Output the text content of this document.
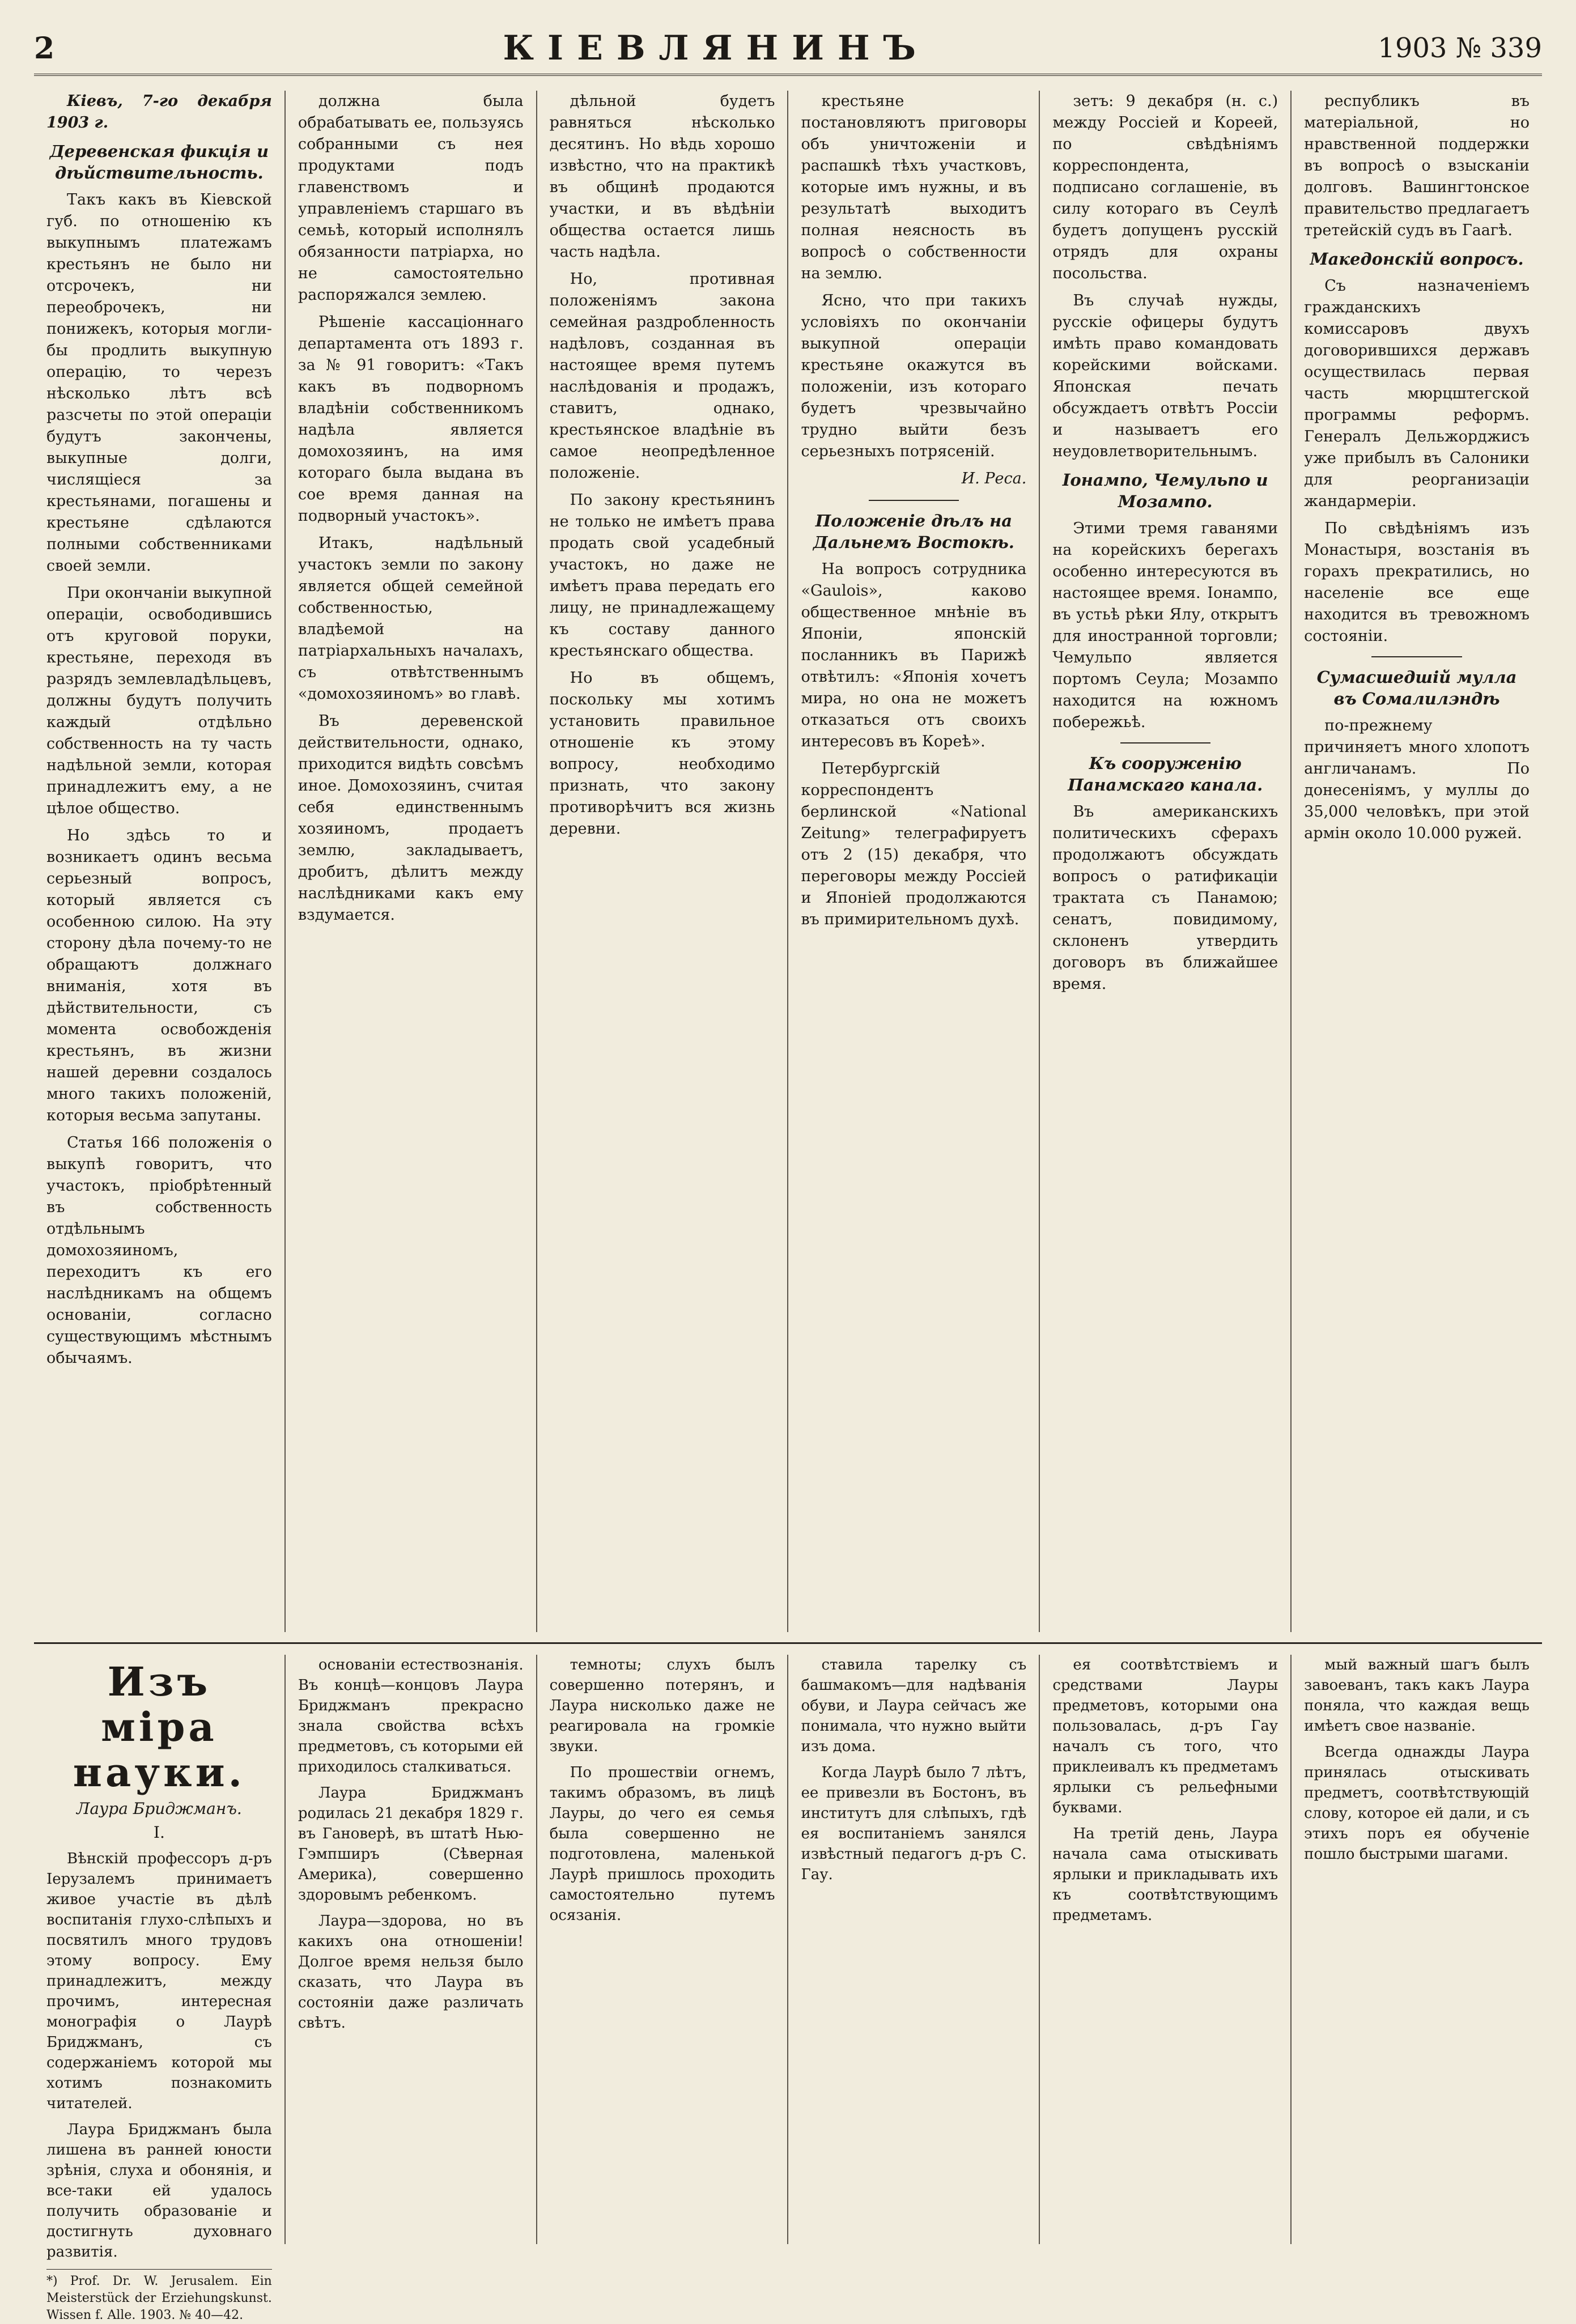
2	КІЕВЛЯНИНЪ	1903 № 339

Кіевъ, 7-го декабря 1903 г.

Деревенская фикція и дѣйствительность.

Такъ какъ въ Кіевской губ. по отношенію къ выкупнымъ платежамъ крестьянъ не было ни отсрочекъ, ни переоброчекъ, ни понижекъ, которыя могли-бы продлить выкупную операцію, то черезъ нѣсколько лѣтъ всѣ разсчеты по этой операціи будутъ закончены, выкупные долги, числящіеся за крестьянами, погашены и крестьяне сдѣлаются полными собственниками своей земли.

При окончаніи выкупной операціи, освободившись отъ круговой поруки, крестьяне, переходя въ разрядъ землевладѣльцевъ, должны будутъ получить каждый отдѣльно собственность на ту часть надѣльной земли, которая принадлежитъ ему, а не цѣлое общество.

Но здѣсь то и возникаетъ одинъ весьма серьезный вопросъ, который является съ особенною силою. На эту сторону дѣла почему-то не обращаютъ должнаго вниманія, хотя въ дѣйствительности, съ момента освобожденія крестьянъ, въ жизни нашей деревни создалось много такихъ положеній, которыя весьма запутаны.

Статья 166 положенія о выкупѣ говоритъ, что участокъ, пріобрѣтенный въ собственность отдѣльнымъ домохозяиномъ, переходитъ къ его наслѣдникамъ на общемъ основаніи, согласно существующимъ мѣстнымъ обычаямъ.

должна была обрабатывать ее, пользуясь собранными съ нея продуктами подъ главенствомъ и управленіемъ старшаго въ семьѣ, который исполнялъ обязанности патріарха, но не самостоятельно распоряжался землею.

Рѣшеніе кассаціоннаго департамента отъ 1893 г. за № 91 говоритъ: «Такъ какъ въ подворномъ владѣніи собственникомъ надѣла является домохозяинъ, на имя котораго была выдана въ сое время данная на подворный участокъ».

Итакъ, надѣльный участокъ земли по закону является общей семейной собственностью, владѣемой на патріархальныхъ началахъ, съ отвѣтственнымъ «домохозяиномъ» во главѣ.

Въ деревенской действительности, однако, приходится видѣть совсѣмъ иное. Домохозяинъ, считая себя единственнымъ хозяиномъ, продаетъ землю, закладываетъ, дробитъ, дѣлитъ между наслѣдниками какъ ему вздумается.

дѣльной будетъ равняться нѣсколько десятинъ. Но вѣдь хорошо извѣстно, что на практикѣ въ общинѣ продаются участки, и въ вѣдѣніи общества остается лишь часть надѣла.

Но, противная положеніямъ закона семейная раздробленность надѣловъ, созданная въ настоящее время путемъ наслѣдованія и продажъ, ставитъ, однако, крестьянское владѣніе въ самое неопредѣленное положеніе.

По закону крестьянинъ не только не имѣетъ права продать свой усадебный участокъ, но даже не имѣетъ права передать его лицу, не принадлежащему къ составу данного крестьянскаго общества.

Но въ общемъ, поскольку мы хотимъ установить правильное отношеніе къ этому вопросу, необходимо признать, что закону противорѣчитъ вся жизнь деревни.

крестьяне постановляютъ приговоры объ уничтоженіи и распашкѣ тѣхъ участковъ, которые имъ нужны, и въ результатѣ выходитъ полная неясность въ вопросѣ о собственности на землю.

Ясно, что при такихъ условіяхъ по окончаніи выкупной операціи крестьяне окажутся въ положеніи, изъ котораго будетъ чрезвычайно трудно выйти безъ серьезныхъ потрясеній.

И. Реса.
Положеніе дѣлъ на Дальнемъ Востокѣ.

На вопросъ сотрудника «Gaulois», каково общественное мнѣніе въ Японіи, японскій посланникъ въ Парижѣ отвѣтилъ: «Японія хочетъ мира, но она не можетъ отказаться отъ своихъ интересовъ въ Кореѣ».

Петербургскій корреспондентъ берлинской «National Zeitung» телеграфируетъ отъ 2 (15) декабря, что переговоры между Россіей и Японіей продолжаются въ примирительномъ духѣ.

зетъ: 9 декабря (н. с.) между Россіей и Кореей, по свѣдѣніямъ корреспондента, подписано соглашеніе, въ силу котораго въ Сеулѣ будетъ допущенъ русскій отрядъ для охраны посольства.

Въ случаѣ нужды, русскіе офицеры будутъ имѣть право командовать корейскими войсками. Японская печать обсуждаетъ отвѣтъ Россіи и называетъ его неудовлетворительнымъ.

Іонампо, Чемульпо и Мозампо.

Этими тремя гаванями на корейскихъ берегахъ особенно интересуются въ настоящее время. Іонампо, въ устьѣ рѣки Ялу, открытъ для иностранной торговли; Чемульпо является портомъ Сеула; Мозампо находится на южномъ побережьѣ.

Къ сооруженію Панамскаго канала.

Въ американскихъ политическихъ сферахъ продолжаютъ обсуждать вопросъ о ратификаціи трактата съ Панамою; сенатъ, повидимому, склоненъ утвердить договоръ въ ближайшее время.

республикъ въ матеріальной, но нравственной поддержки въ вопросѣ о взысканіи долговъ. Вашингтонское правительство предлагаетъ третейскій судъ въ Гаагѣ.

Македонскій вопросъ.

Съ назначеніемъ гражданскихъ комиссаровъ двухъ договорившихся державъ осуществилась первая часть мюрцштегской программы реформъ. Генералъ Дельжорджисъ уже прибылъ въ Салоники для реорганизаціи жандармеріи.

По свѣдѣніямъ изъ Монастыря, возстанія въ горахъ прекратились, но населеніе все еще находится въ тревожномъ состояніи.

Сумасшедшій мулла въ Сомалилэндѣ

по-прежнему причиняетъ много хлопотъ англичанамъ. По донесеніямъ, у муллы до 35,000 человѣкъ, при этой армін около 10.000 ружей.

Изъ міра науки.
Лаура Бриджманъ.
I.

Вѣнскій профессоръ д-ръ Іерузалемъ принимаетъ живое участіе въ дѣлѣ воспитанія глухо-слѣпыхъ и посвятилъ много трудовъ этому вопросу. Ему принадлежитъ, между прочимъ, интересная монографія о Лаурѣ Бриджманъ, съ содержаніемъ которой мы хотимъ познакомить читателей.

Лаура Бриджманъ была лишена въ ранней юности зрѣнія, слуха и обонянія, и все-таки ей удалось получить образованіе и достигнуть духовнаго развитія.

*) Prof. Dr. W. Jerusalem. Ein Meisterstück der Erziehungskunst. Wissen f. Alle. 1903. № 40—42.

основаніи естествознанія. Въ концѣ—концовъ Лаура Бриджманъ прекрасно знала свойства всѣхъ предметовъ, съ которыми ей приходилось сталкиваться.

Лаура Бриджманъ родилась 21 декабря 1829 г. въ Гановерѣ, въ штатѣ Нью-Гэмпширъ (Сѣверная Америка), совершенно здоровымъ ребенкомъ.

Лаура—здорова, но въ какихъ она отношеніи! Долгое время нельзя было сказать, что Лаура въ состояніи даже различать свѣтъ.

темноты; слухъ былъ совершенно потерянъ, и Лаура нисколько даже не реагировала на громкіе звуки.

По прошествіи огнемъ, такимъ образомъ, въ лицѣ Лауры, до чего ея семья была совершенно не подготовлена, маленькой Лаурѣ пришлось проходить самостоятельно путемъ осязанія.

ставила тарелку съ башмакомъ—для надѣванія обуви, и Лаура сейчасъ же понимала, что нужно выйти изъ дома.

Когда Лаурѣ было 7 лѣтъ, ее привезли въ Бостонъ, въ институтъ для слѣпыхъ, гдѣ ея воспитаніемъ занялся извѣстный педагогъ д-ръ С. Гау.

ея соотвѣтствіемъ и средствами Лауры предметовъ, которыми она пользовалась, д-ръ Гау началъ съ того, что приклеивалъ къ предметамъ ярлыки съ рельефными буквами.

На третій день, Лаура начала сама отыскивать ярлыки и прикладывать ихъ къ соотвѣтствующимъ предметамъ.

мый важный шагъ былъ завоеванъ, такъ какъ Лаура поняла, что каждая вещь имѣетъ свое названіе.

Всегда однажды Лаура принялась отыскивать предметъ, соотвѣтствующій слову, которое ей дали, и съ этихъ поръ ея обученіе пошло быстрыми шагами.
